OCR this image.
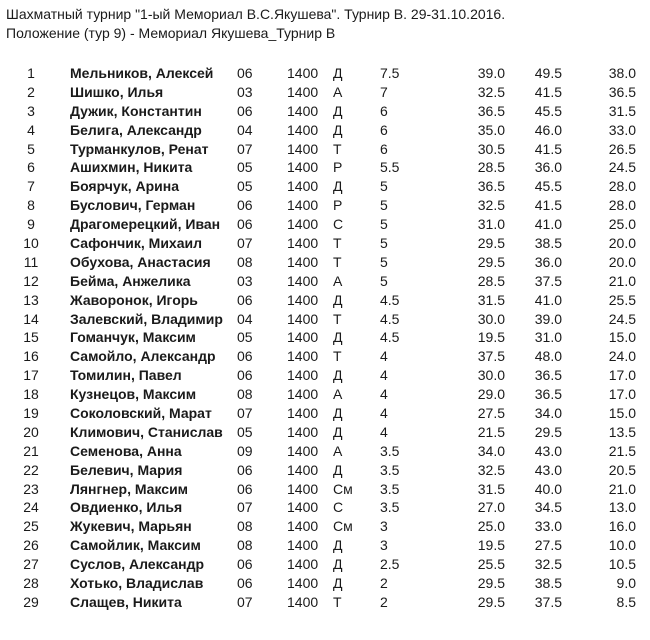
Шахматный турнир "1-ый Мемориал В.С.Якушева". Турнир В. 29-31.10.2016.
Положение (тур 9) - Мемориал Якушева_Турнир В
1	Мельников, Алексей 06 1400 Д	7.5	39.0	49.5	38.0
2	Шишко, Илья	03 1400 А	7	32.5	41.5	36.5
3	Дужик, Константин	06 1400 Д	6	36.5	45.5	31.5
4	Белига, Александр	04 1400 Д	6	35.0	46.0	33.0
5	Турманкулов, Ренат 07 1400 Т	6	30.5	41.5	26.5
6	Ашихмин, Никита	05 1400 Р	5.5	28.5	36.0	24.5
7	Боярчук, Арина	05 1400 Д	5	36.5	45.5	28.0
8	Буслович, Герман	06 1400 Р	5	32.5	41.5	28.0
9	Драгомерецкий, Иван 06 1400 С	5	31.0	41.0	25.0
10	Сафончик, Михаил 07 1400 Т	5	29.5	38.5	20.0
11	Обухова, Анастасия 08 1400 Т	5	29.5	36.0	20.0
12	Бейма, Анжелика	03 1400 А	5	28.5	37.5	21.0
13	Жаворонок, Игорь	06 1400 Д	4.5	31.5	41.0	25.5
14	Залевский, Владимир 04 1400 Т	4.5	30.0	39.0	24.5
15	Гоманчук, Максим	05 1400 Д	4.5	19.5	31.0	15.0
16	Самойло, Александр 06 1400 Т	4	37.5	48.0	24.0
17	Томилин, Павел	06 1400 Д	4	30.0	36.5	17.0
18	Кузнецов, Максим	08 1400 А	4	29.0	36.5	17.0
19	Соколовский, Марат 07 1400 Д	4	27.5	34.0	15.0
20	Климович, Станислав 05 1400 Д	4	21.5	29.5	13.5
21	Семенова, Анна	09 1400 А	3.5	34.0	43.0	21.5
22	Белевич, Мария	06 1400 Д	3.5	32.5	43.0	20.5
23	Лянгнер, Максим	06 1400 См 3.5	31.5	40.0	21.0
24	Овдиенко, Илья	07 1400 С	3.5	27.0	34.5	13.0
25	Жукевич, Марьян	08 1400 См 3	25.0	33.0	16.0
26	Самойлик, Максим	08 1400 Д	3	19.5	27.5	10.0
27	Суслов, Александр 06 1400 Д	2.5	25.5	32.5	10.5
28	Хотько, Владислав 06 1400 Д	2	29.5	38.5	9.0
29	Слащев, Никита	07 1400 Т	2	29.5	37.5	8.5
